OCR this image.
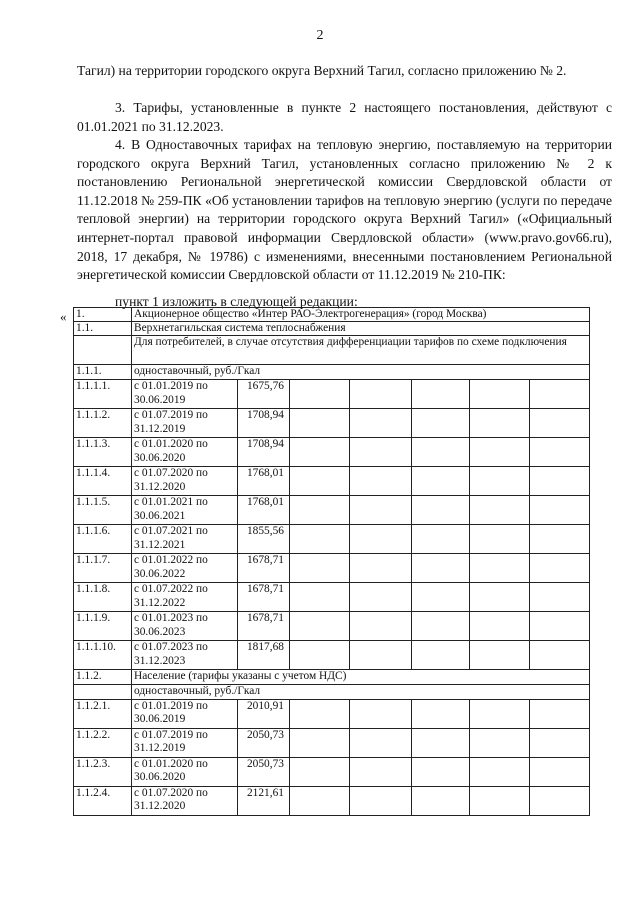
2

Тагил) на территории городского округа Верхний Тагил, согласно приложению № 2.

3. Тарифы, установленные в пункте 2 настоящего постановления, действуют с 01.01.2021 по 31.12.2023.

4. В Одноставочных тарифах на тепловую энергию, поставляемую на территории городского округа Верхний Тагил, установленных согласно приложению № 2 к постановлению Региональной энергетической комиссии Свердловской области от 11.12.2018 № 259-ПК «Об установлении тарифов на тепловую энергию (услуги по передаче тепловой энергии) на территории городского округа Верхний Тагил» («Официальный интернет-портал правовой информации Свердловской области» (www.pravo.gov66.ru), 2018, 17 декабря, № 19786) с изменениями, внесенными постановлением Региональной энергетической комиссии Свердловской области от 11.12.2019 № 210-ПК:

пункт 1 изложить в следующей редакции:

« 1.	Акционерное общество «Интер РАО-Электрогенерация» (город Москва)						
1.1.	Верхнетагильская система теплоснабжения						
	Для потребителей, в случае отсутствия дифференциации тарифов по схеме подключения						
1.1.1.	одноставочный, руб./Гкал						
1.1.1.1.	с 01.01.2019 по 30.06.2019	1675,76					
1.1.1.2.	с 01.07.2019 по 31.12.2019	1708,94					
1.1.1.3.	с 01.01.2020 по 30.06.2020	1708,94					
1.1.1.4.	с 01.07.2020 по 31.12.2020	1768,01					
1.1.1.5.	с 01.01.2021 по 30.06.2021	1768,01					
1.1.1.6.	с 01.07.2021 по 31.12.2021	1855,56					
1.1.1.7.	с 01.01.2022 по 30.06.2022	1678,71					
1.1.1.8.	с 01.07.2022 по 31.12.2022	1678,71					
1.1.1.9.	с 01.01.2023 по 30.06.2023	1678,71					
1.1.1.10.	с 01.07.2023 по 31.12.2023	1817,68					
1.1.2.	Население (тарифы указаны с учетом НДС)						
	одноставочный, руб./Гкал						
1.1.2.1.	с 01.01.2019 по 30.06.2019	2010,91					
1.1.2.2.	с 01.07.2019 по 31.12.2019	2050,73					
1.1.2.3.	с 01.01.2020 по 30.06.2020	2050,73					
1.1.2.4.	с 01.07.2020 по 31.12.2020	2121,61					
